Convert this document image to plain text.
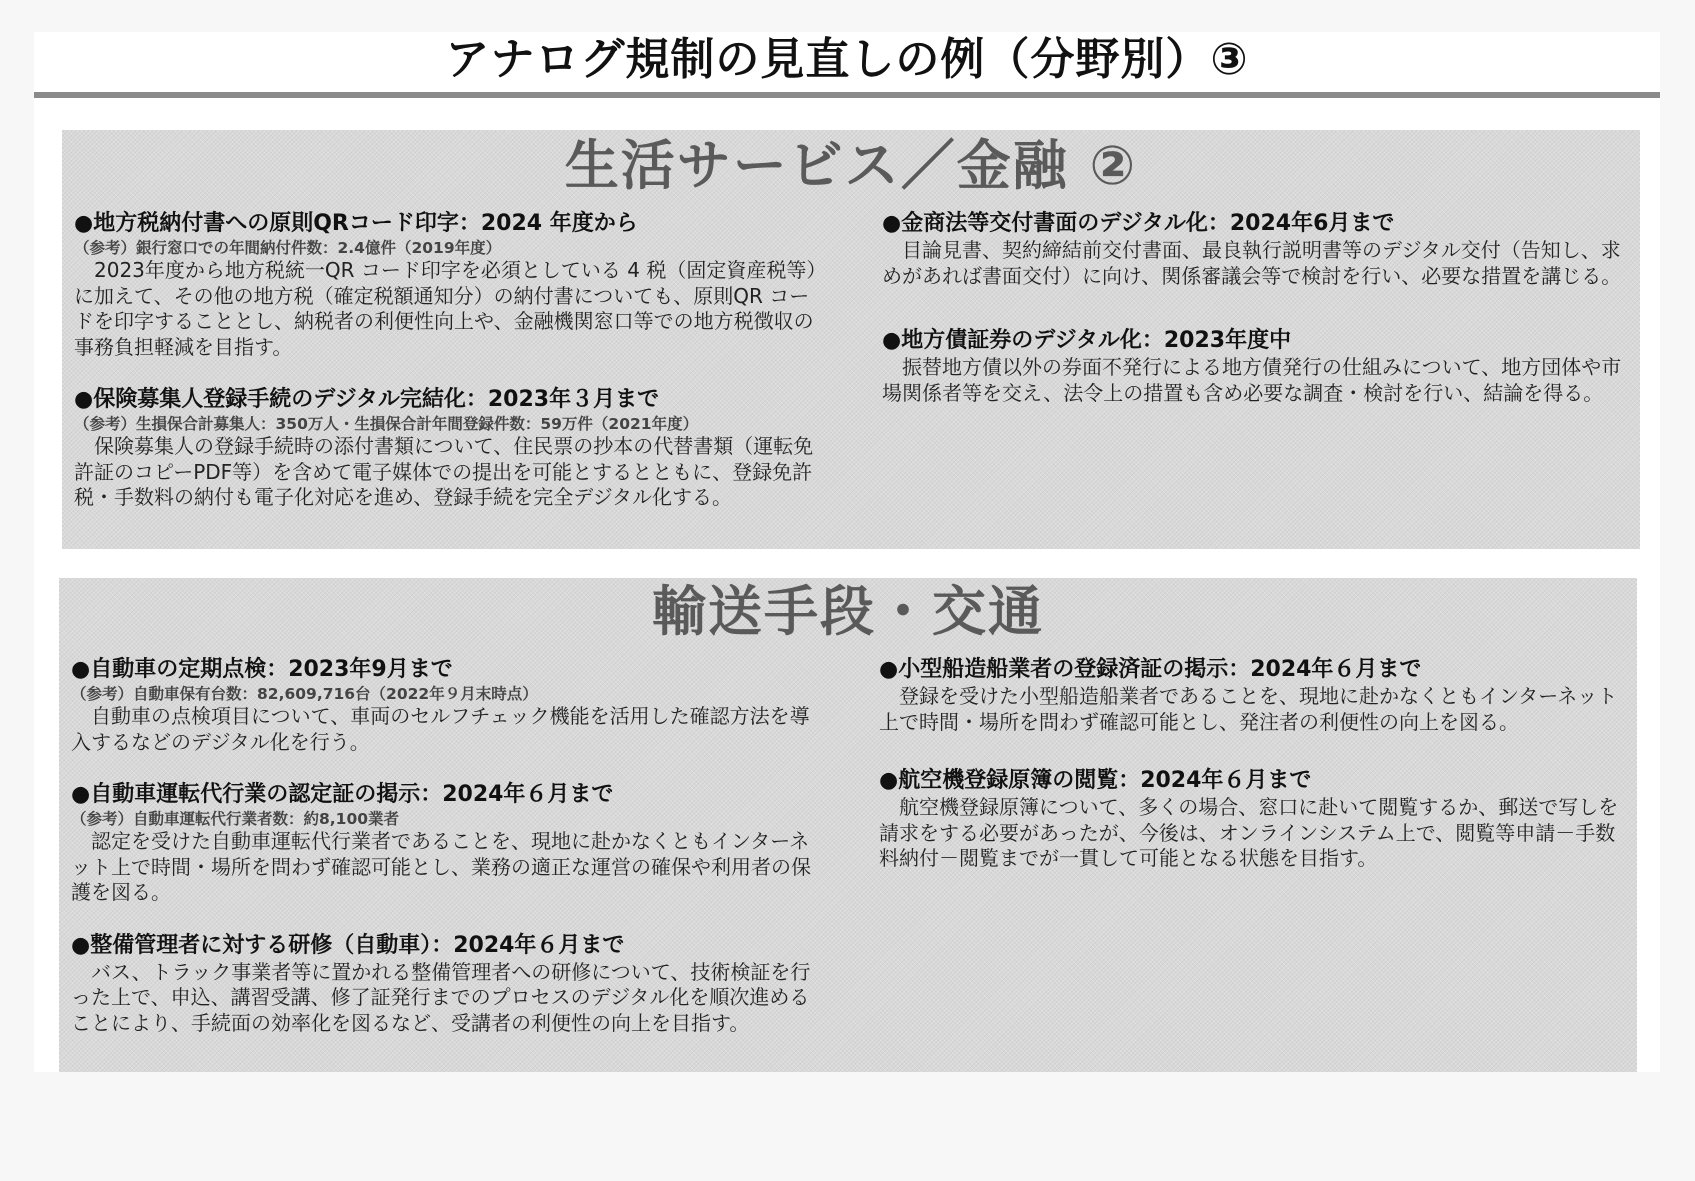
アナログ規制の見直しの例（分野別）③
生活サービス／金融 ②
●地方税納付書への原則QRコード印字：2024 年度から
（参考）銀行窓口での年間納付件数：2.4億件（2019年度）
2023年度から地方税統一QR コード印字を必須としている 4 税（固定資産税等）に加えて、その他の地方税（確定税額通知分）の納付書についても、原則QR コードを印字することとし、納税者の利便性向上や、金融機関窓口等での地方税徴収の事務負担軽減を目指す。
●保険募集人登録手続のデジタル完結化：2023年３月まで
（参考）生損保合計募集人：350万人・生損保合計年間登録件数：59万件（2021年度）
保険募集人の登録手続時の添付書類について、住民票の抄本の代替書類（運転免許証のコピーPDF等）を含めて電子媒体での提出を可能とするとともに、登録免許税・手数料の納付も電子化対応を進め、登録手続を完全デジタル化する。
●金商法等交付書面のデジタル化：2024年6月まで
目論見書、契約締結前交付書面、最良執行説明書等のデジタル交付（告知し、求めがあれば書面交付）に向け、関係審議会等で検討を行い、必要な措置を講じる。
●地方債証券のデジタル化：2023年度中
振替地方債以外の券面不発行による地方債発行の仕組みについて、地方団体や市場関係者等を交え、法令上の措置も含め必要な調査・検討を行い、結論を得る。
輸送手段・交通
●自動車の定期点検：2023年9月まで
（参考）自動車保有台数：82,609,716台（2022年９月末時点）
自動車の点検項目について、車両のセルフチェック機能を活用した確認方法を導入するなどのデジタル化を行う。
●自動車運転代行業の認定証の掲示：2024年６月まで
（参考）自動車運転代行業者数：約8,100業者
認定を受けた自動車運転代行業者であることを、現地に赴かなくともインターネット上で時間・場所を問わず確認可能とし、業務の適正な運営の確保や利用者の保護を図る。
●整備管理者に対する研修（自動車）：2024年６月まで
バス、トラック事業者等に置かれる整備管理者への研修について、技術検証を行った上で、申込、講習受講、修了証発行までのプロセスのデジタル化を順次進めることにより、手続面の効率化を図るなど、受講者の利便性の向上を目指す。
●小型船造船業者の登録済証の掲示：2024年６月まで
登録を受けた小型船造船業者であることを、現地に赴かなくともインターネット上で時間・場所を問わず確認可能とし、発注者の利便性の向上を図る。
●航空機登録原簿の閲覧：2024年６月まで
航空機登録原簿について、多くの場合、窓口に赴いて閲覧するか、郵送で写しを請求をする必要があったが、今後は、オンラインシステム上で、閲覧等申請－手数料納付－閲覧までが一貫して可能となる状態を目指す。
